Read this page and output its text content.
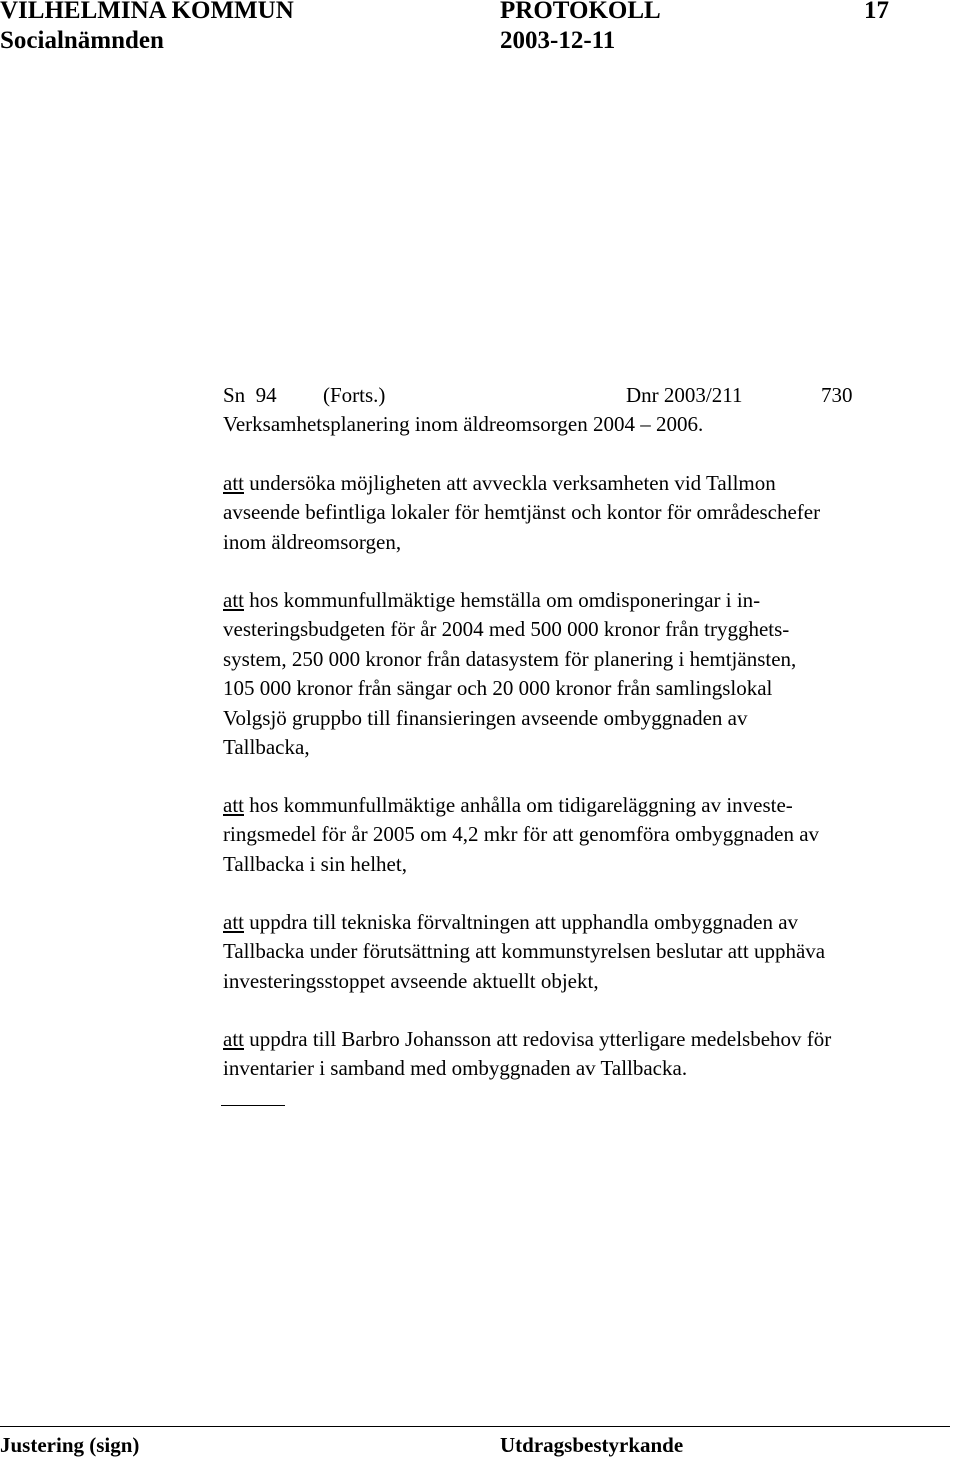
VILHELMINA KOMMUN	PROTOKOLL	17
Socialnämnden	2003-12-11
Sn  94 (Forts.)	Dnr 2003/211	730
Verksamhetsplanering inom äldreomsorgen 2004 – 2006.
att undersöka möjligheten att avveckla verksamheten vid Tallmon
avseende befintliga lokaler för hemtjänst och kontor för områdeschefer
inom äldreomsorgen,
att hos kommunfullmäktige hemställa om omdisponeringar i in-
vesteringsbudgeten för år 2004 med 500 000 kronor från trygghets-
system, 250 000 kronor från datasystem för planering i hemtjänsten,
105 000 kronor från sängar och 20 000 kronor från samlingslokal
Volgsjö gruppbo till finansieringen avseende ombyggnaden av
Tallbacka,
att hos kommunfullmäktige anhålla om tidigareläggning av investe-
ringsmedel för år 2005 om 4,2 mkr för att genomföra ombyggnaden av
Tallbacka i sin helhet,
att uppdra till tekniska förvaltningen att upphandla ombyggnaden av
Tallbacka under förutsättning att kommunstyrelsen beslutar att upphäva
investeringsstoppet avseende aktuellt objekt,
att uppdra till Barbro Johansson att redovisa ytterligare medelsbehov för
inventarier i samband med ombyggnaden av Tallbacka.
Justering (sign)	Utdragsbestyrkande
